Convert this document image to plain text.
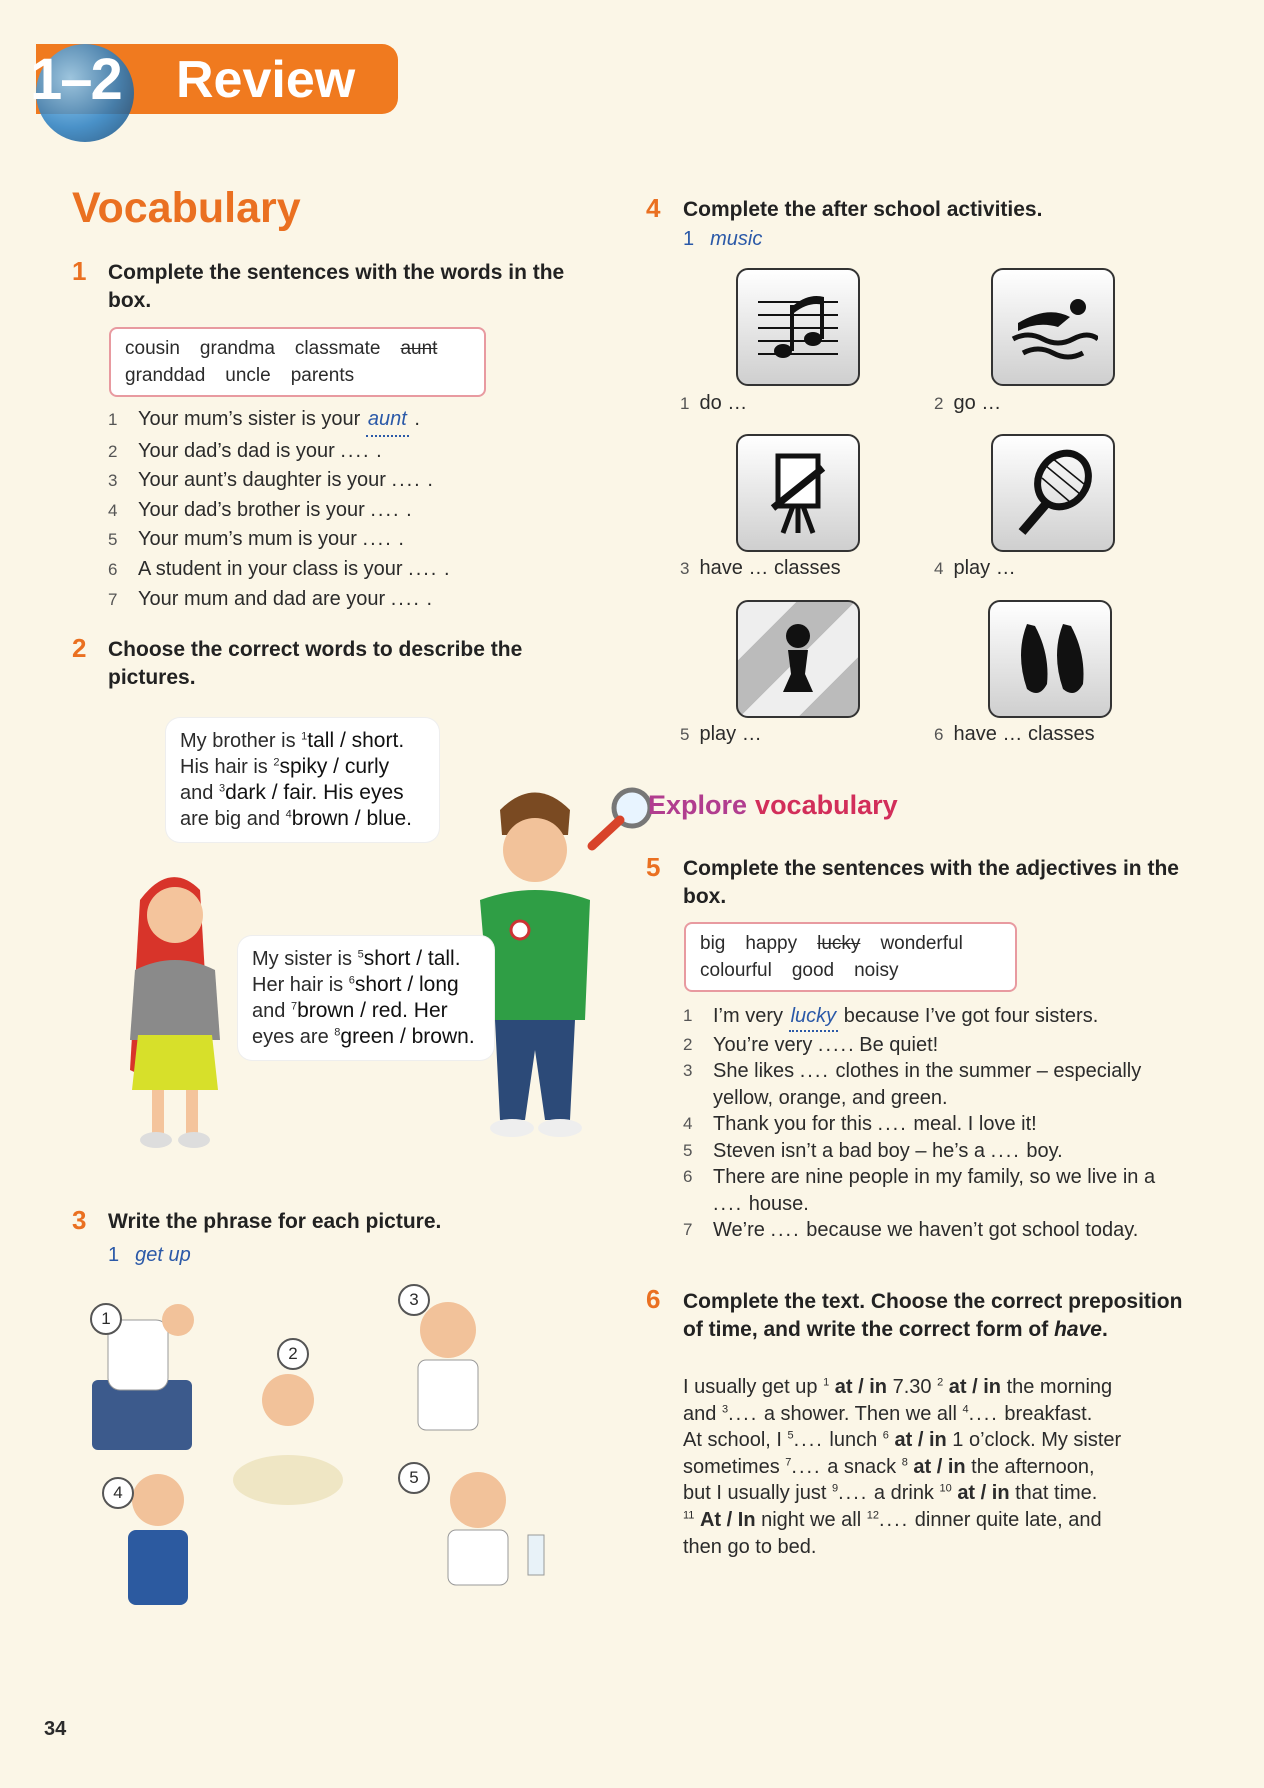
1–2 Review
Vocabulary
1 Complete the sentences with the words in the box.
cousin grandma classmate aunt
granddad uncle parents
1	Your mum’s sister is your
aunt
.
2	Your dad’s dad is your
....
.
3	Your aunt’s daughter is your
....
.
4	Your dad’s brother is your
....
.
5	Your mum’s mum is your
....
.
6	A student in your class is your
....
.
7	Your mum and dad are your
....
.
2 Choose the correct words to describe the pictures.
My brother is $^1$tall / short.
His hair is $^2$spiky / curly
and $^3$dark / fair. His eyes
are big and $^4$brown / blue.
My sister is $^5$short / tall.
Her hair is $^6$short / long
and $^7$brown / red. Her
eyes are $^8$green / brown.
3 Write the phrase for each picture.
1 get up
1
2
3
4
5
34
4 Complete the after school activities.
1 music
1 do …	2 go …
3 have … classes	4 play …
5 play …	6 have … classes
Explore vocabulary
5 Complete the sentences with the adjectives in the box.
big happy lucky wonderful
colourful good noisy
1	I’m very
lucky
because I’ve got four sisters.
2	You’re very
.... . Be quiet!
3	She likes
....
clothes in the summer – especially
yellow, orange, and green.
4	Thank you for this
....
meal. I love it!
5	Steven isn’t a bad boy – he’s a
....
boy.
6	There are nine people in my family, so we live in a
....
house.
7	We’re
....
because we haven’t got school today.
6 Complete the text. Choose the correct preposition of time, and write the correct form of have.
I usually get up $^1$ at / in 7.30 $^2$ at / in the morning
and $^3$.... a shower. Then we all $^4$.... breakfast.
At school, I $^5$.... lunch $^6$ at / in 1 o’clock. My sister
sometimes $^7$.... a snack $^8$ at / in the afternoon,
but I usually just $^9$.... a drink $^{10}$ at / in that time.
$^{11}$ At / In night we all $^{12}$.... dinner quite late, and
then go to bed.
